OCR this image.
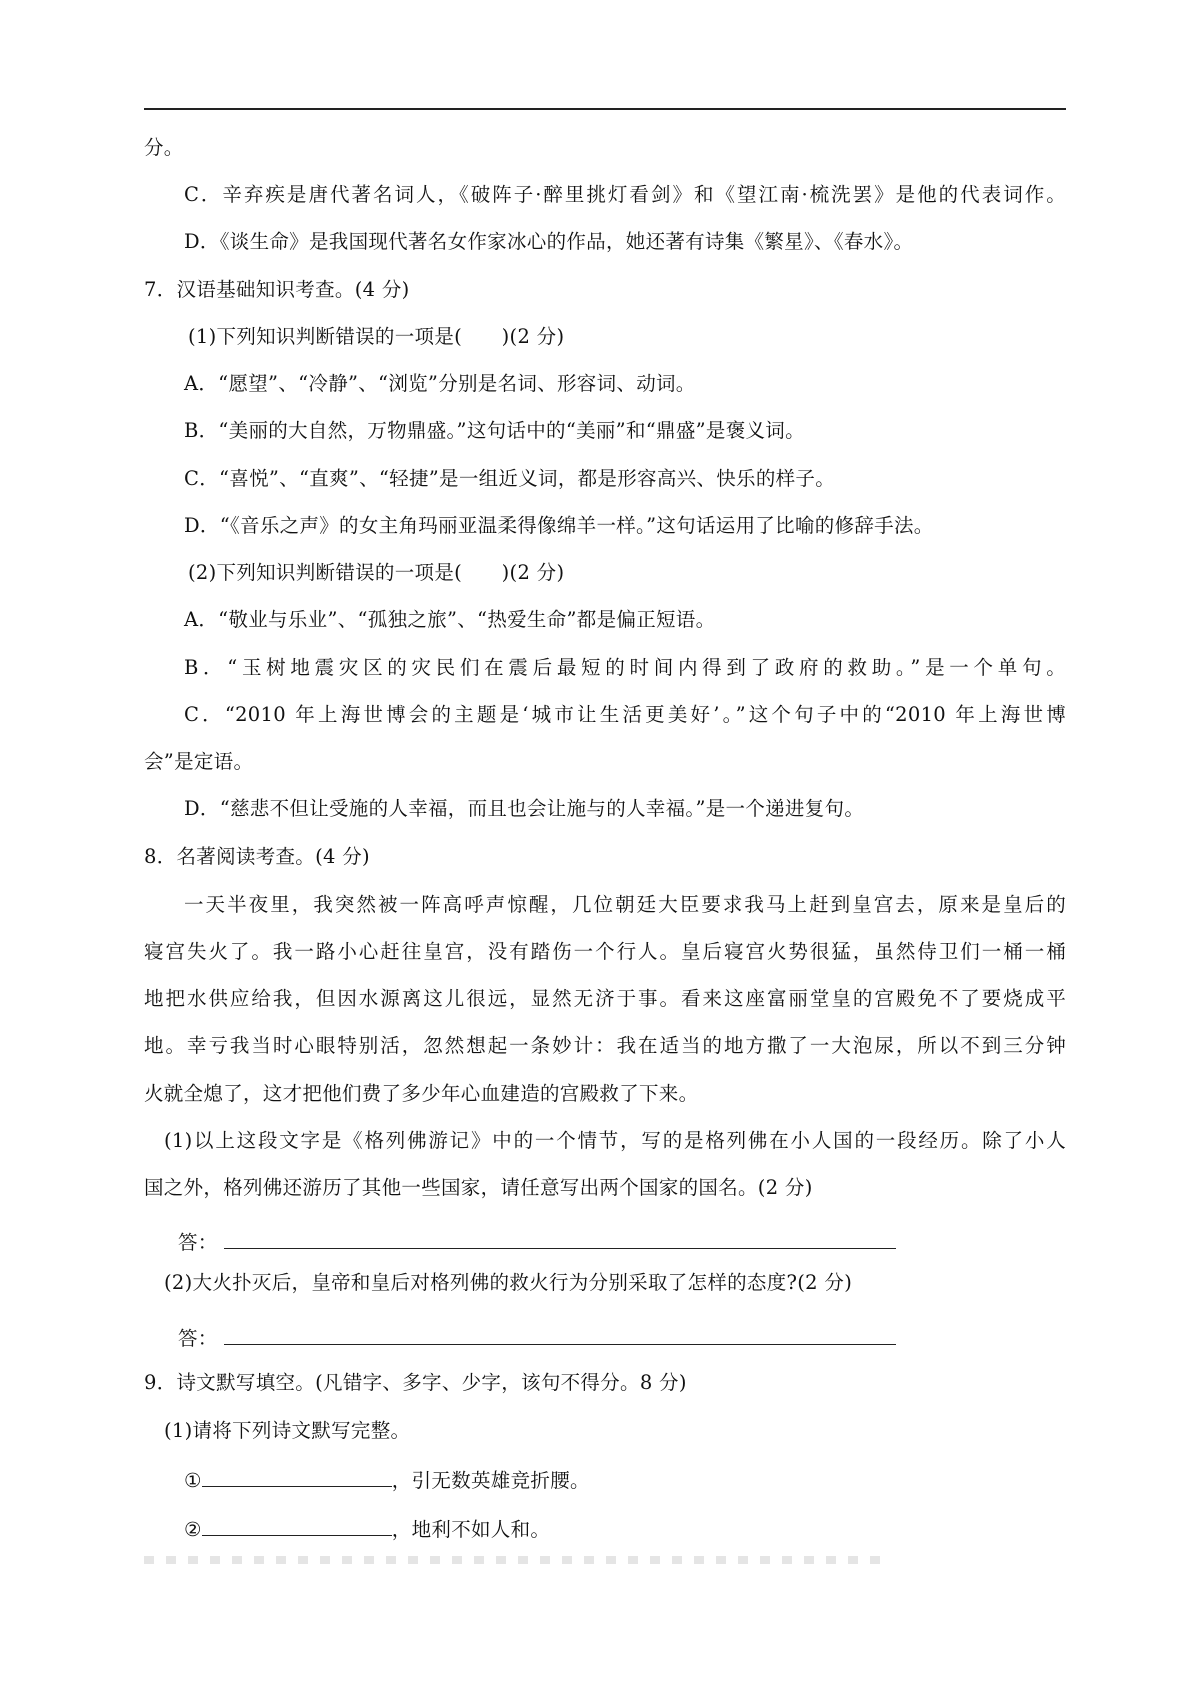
分。
C．辛弃疾是唐代著名词人，《破阵子·醉里挑灯看剑》和《望江南·梳洗罢》是他的代表词作。
D．《谈生命》是我国现代著名女作家冰心的作品，她还著有诗集《繁星》、《春水》。
7．汉语基础知识考查。(4 分)
(1)下列知识判断错误的一项是(　　)(2 分)
A．“愿望”、“冷静”、“浏览”分别是名词、形容词、动词。
B．“美丽的大自然，万物鼎盛。”这句话中的“美丽”和“鼎盛”是褒义词。
C．“喜悦”、“直爽”、“轻捷”是一组近义词，都是形容高兴、快乐的样子。
D．“《音乐之声》的女主角玛丽亚温柔得像绵羊一样。”这句话运用了比喻的修辞手法。
(2)下列知识判断错误的一项是(　　)(2 分)
A．“敬业与乐业”、“孤独之旅”、“热爱生命”都是偏正短语。
B．“玉树地震灾区的灾民们在震后最短的时间内得到了政府的救助。”是一个单句。
C．“2010 年上海世博会的主题是‘城市让生活更美好’。”这个句子中的“2010 年上海世博
会”是定语。
D．“慈悲不但让受施的人幸福，而且也会让施与的人幸福。”是一个递进复句。
8．名著阅读考查。(4 分)
一天半夜里，我突然被一阵高呼声惊醒，几位朝廷大臣要求我马上赶到皇宫去，原来是皇后的
寝宫失火了。我一路小心赶往皇宫，没有踏伤一个行人。皇后寝宫火势很猛，虽然侍卫们一桶一桶
地把水供应给我，但因水源离这儿很远，显然无济于事。看来这座富丽堂皇的宫殿免不了要烧成平
地。幸亏我当时心眼特别活，忽然想起一条妙计：我在适当的地方撒了一大泡尿，所以不到三分钟
火就全熄了，这才把他们费了多少年心血建造的宫殿救了下来。
(1)以上这段文字是《格列佛游记》中的一个情节，写的是格列佛在小人国的一段经历。除了小人
国之外，格列佛还游历了其他一些国家，请任意写出两个国家的国名。(2 分)
(2)大火扑灭后，皇帝和皇后对格列佛的救火行为分别采取了怎样的态度?(2 分)
9．诗文默写填空。(凡错字、多字、少字，该句不得分。8 分)
(1)请将下列诗文默写完整。
答：
答：
①	，引无数英雄竞折腰。
②	，地利不如人和。
